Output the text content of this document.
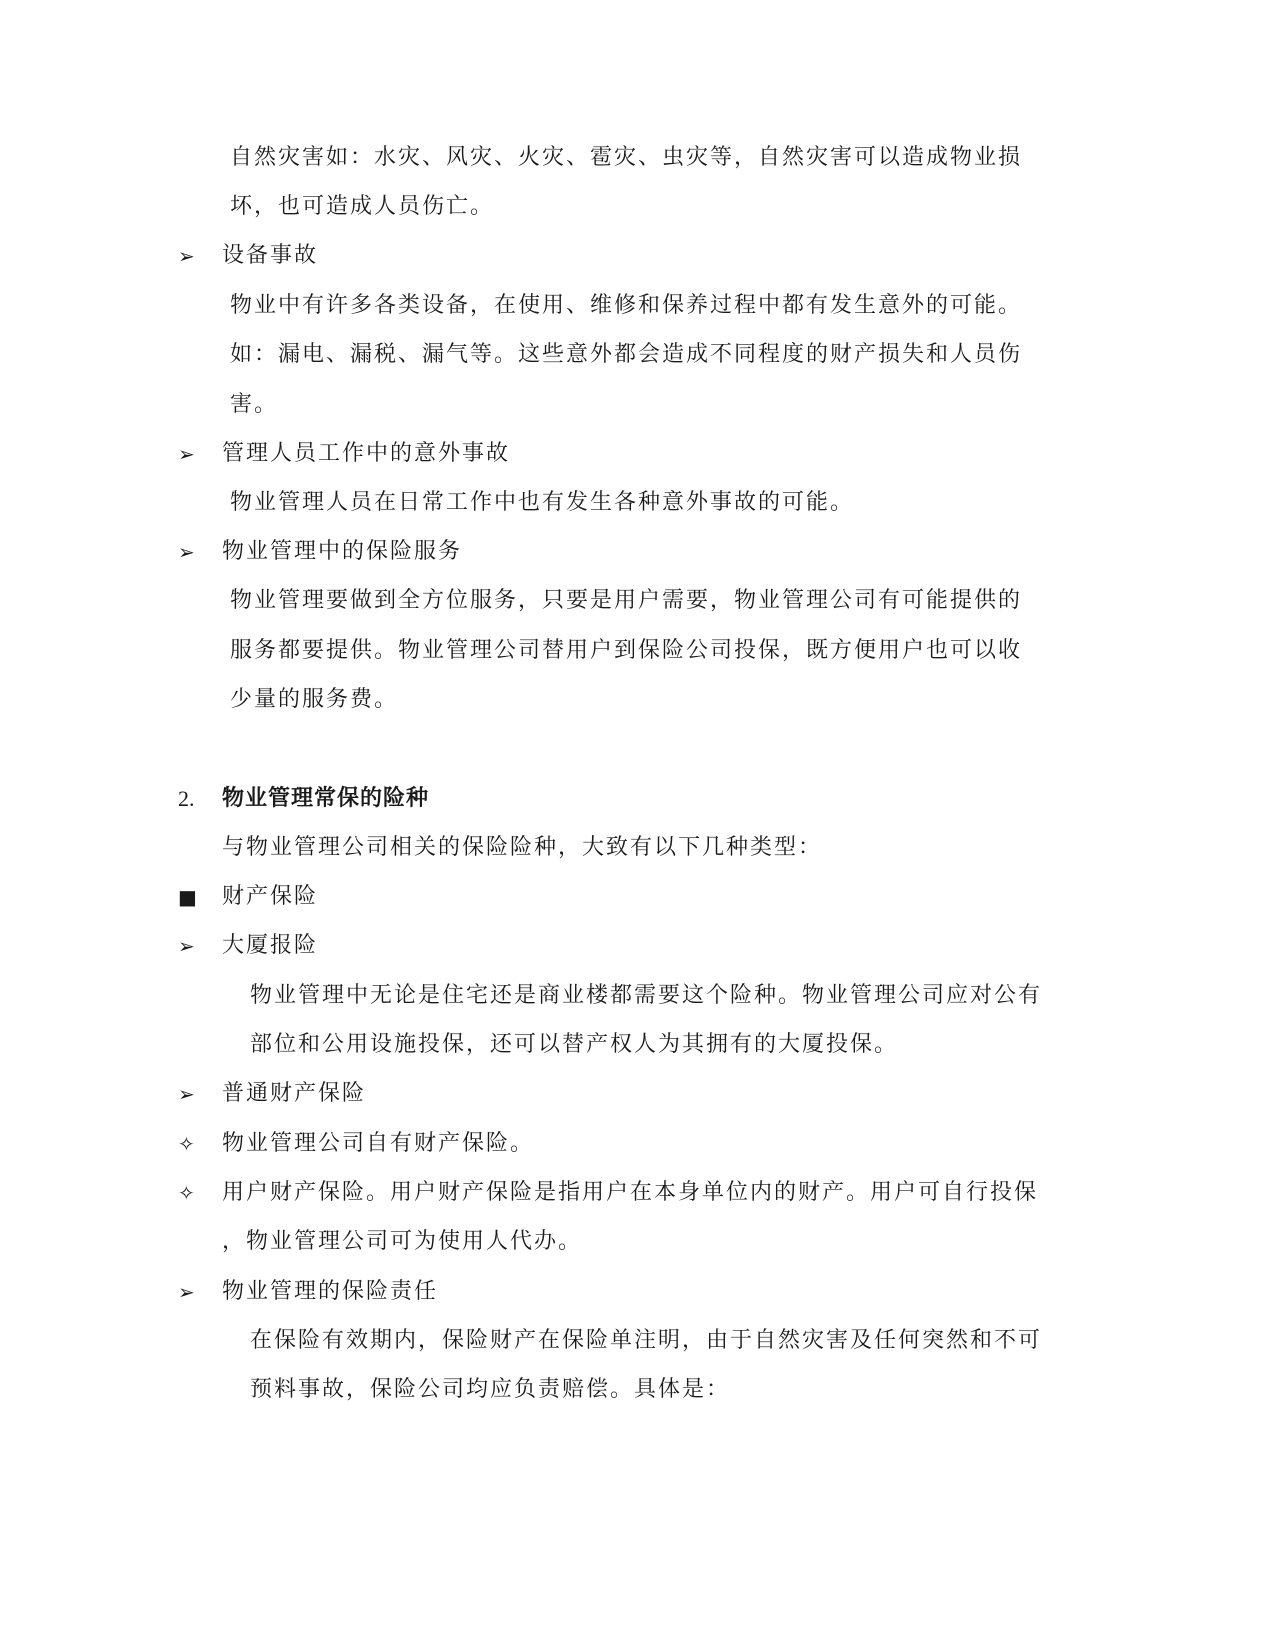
自然灾害如：水灾、风灾、火灾、雹灾、虫灾等，自然灾害可以造成物业损
坏，也可造成人员伤亡。
➢ 设备事故
物业中有许多各类设备，在使用、维修和保养过程中都有发生意外的可能。
如：漏电、漏税、漏气等。这些意外都会造成不同程度的财产损失和人员伤
害。
➢ 管理人员工作中的意外事故
物业管理人员在日常工作中也有发生各种意外事故的可能。
➢ 物业管理中的保险服务
物业管理要做到全方位服务，只要是用户需要，物业管理公司有可能提供的
服务都要提供。物业管理公司替用户到保险公司投保，既方便用户也可以收
少量的服务费。
2. 物业管理常保的险种
与物业管理公司相关的保险险种，大致有以下几种类型：
■ 财产保险
➢ 大厦报险
物业管理中无论是住宅还是商业楼都需要这个险种。物业管理公司应对公有
部位和公用设施投保，还可以替产权人为其拥有的大厦投保。
➢ 普通财产保险
✧ 物业管理公司自有财产保险。
✧ 用户财产保险。用户财产保险是指用户在本身单位内的财产。用户可自行投保
，物业管理公司可为使用人代办。
➢ 物业管理的保险责任
在保险有效期内，保险财产在保险单注明，由于自然灾害及任何突然和不可
预料事故，保险公司均应负责赔偿。具体是：
